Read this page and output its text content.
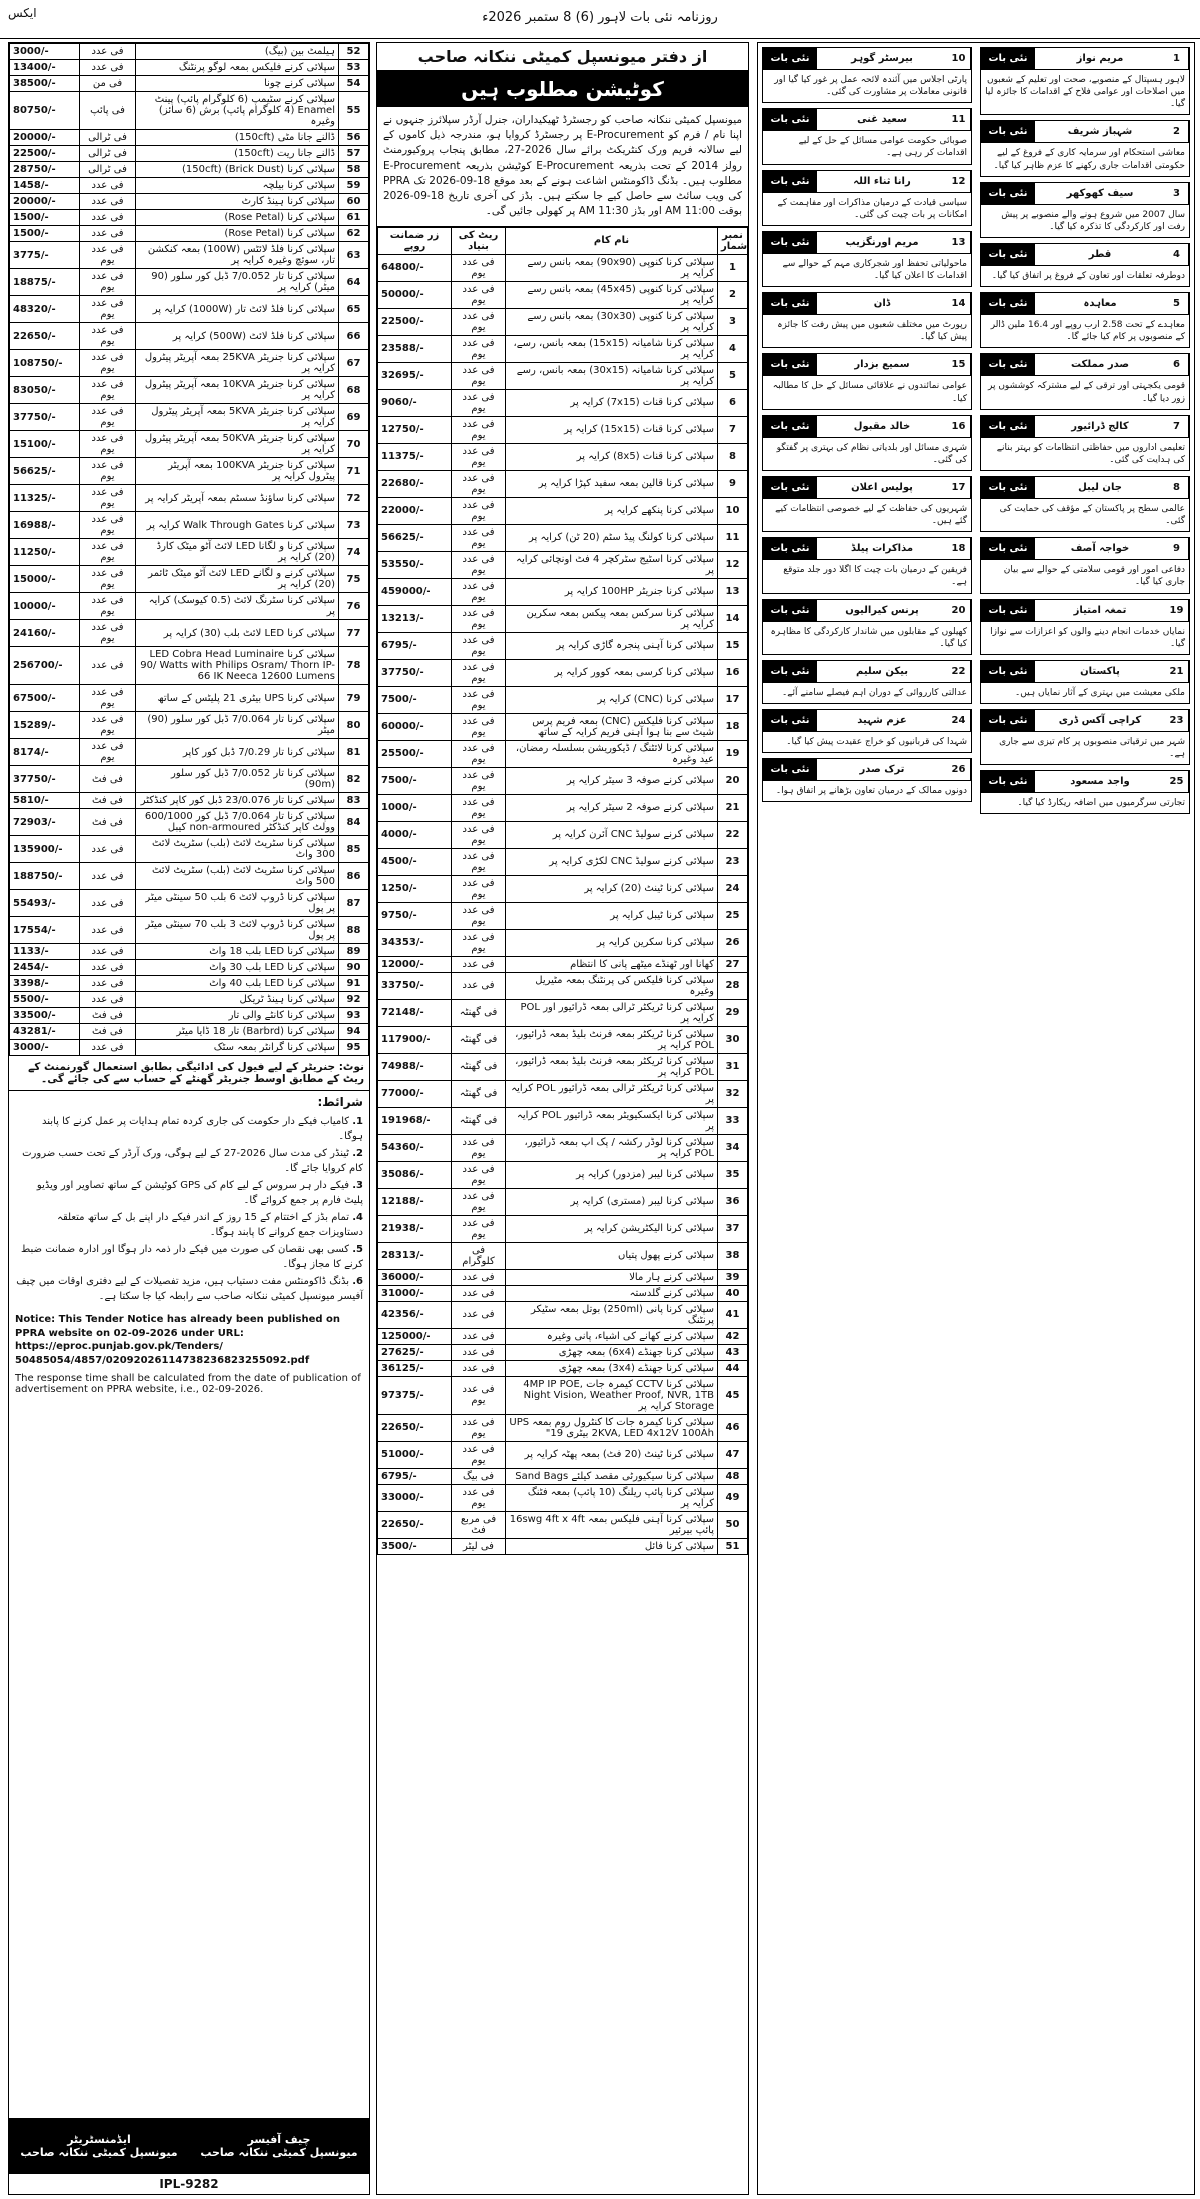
ایکس	روزنامہ نئی بات لاہور (6) 8 ستمبر 2026ء
نئی بات	بیرسٹر گوہر	10
پارٹی اجلاس میں آئندہ لائحہ عمل پر غور کیا گیا اور قانونی معاملات پر مشاورت کی گئی۔
نئی بات	سعید غنی	11
صوبائی حکومت عوامی مسائل کے حل کے لیے اقدامات کر رہی ہے۔
نئی بات	رانا ثناء اللہ	12
سیاسی قیادت کے درمیان مذاکرات اور مفاہمت کے امکانات پر بات چیت کی گئی۔
نئی بات	مریم اورنگزیب	13
ماحولیاتی تحفظ اور شجرکاری مہم کے حوالے سے اقدامات کا اعلان کیا گیا۔
نئی بات	ڈان	14
رپورٹ میں مختلف شعبوں میں پیش رفت کا جائزہ پیش کیا گیا۔
نئی بات	سمیع بزدار	15
عوامی نمائندوں نے علاقائی مسائل کے حل کا مطالبہ کیا۔
نئی بات	خالد مقبول	16
شہری مسائل اور بلدیاتی نظام کی بہتری پر گفتگو کی گئی۔
نئی بات	پولیس اعلان	17
شہریوں کی حفاظت کے لیے خصوصی انتظامات کیے گئے ہیں۔
نئی بات	مذاکرات پیلڈ	18
فریقین کے درمیان بات چیت کا اگلا دور جلد متوقع ہے۔
نئی بات	پرنس کیرالیوں	20
کھیلوں کے مقابلوں میں شاندار کارکردگی کا مظاہرہ کیا گیا۔
نئی بات	بیکن سلیم	22
عدالتی کارروائی کے دوران اہم فیصلے سامنے آئے۔
نئی بات	عزم شہید	24
شہدا کی قربانیوں کو خراج عقیدت پیش کیا گیا۔
نئی بات	ترک صدر	26
دونوں ممالک کے درمیان تعاون بڑھانے پر اتفاق ہوا۔
نئی بات	مریم نواز	1
لاہور ہسپتال کے منصوبے، صحت اور تعلیم کے شعبوں میں اصلاحات اور عوامی فلاح کے اقدامات کا جائزہ لیا گیا۔
نئی بات	شہباز شریف	2
معاشی استحکام اور سرمایہ کاری کے فروغ کے لیے حکومتی اقدامات جاری رکھنے کا عزم ظاہر کیا گیا۔
نئی بات	سیف کھوکھر	3
سال 2007 میں شروع ہونے والے منصوبے پر پیش رفت اور کارکردگی کا تذکرہ کیا گیا۔
نئی بات	قطر	4
دوطرفہ تعلقات اور تعاون کے فروغ پر اتفاق کیا گیا۔
نئی بات	معاہدہ	5
معاہدے کے تحت 2.58 ارب روپے اور 16.4 ملین ڈالر کے منصوبوں پر کام کیا جائے گا۔
نئی بات	صدر مملکت	6
قومی یکجہتی اور ترقی کے لیے مشترکہ کوششوں پر زور دیا گیا۔
نئی بات	کالج ڈرائیور	7
تعلیمی اداروں میں حفاظتی انتظامات کو بہتر بنانے کی ہدایت کی گئی۔
نئی بات	جان لیبل	8
عالمی سطح پر پاکستان کے مؤقف کی حمایت کی گئی۔
نئی بات	خواجہ آصف	9
دفاعی امور اور قومی سلامتی کے حوالے سے بیان جاری کیا گیا۔
نئی بات	تمغہ امتیاز	19
نمایاں خدمات انجام دینے والوں کو اعزازات سے نوازا گیا۔
نئی بات	پاکستان	21
ملکی معیشت میں بہتری کے آثار نمایاں ہیں۔
نئی بات	کراچی آکس ڈری	23
شہر میں ترقیاتی منصوبوں پر کام تیزی سے جاری ہے۔
نئی بات	واجد مسعود	25
تجارتی سرگرمیوں میں اضافہ ریکارڈ کیا گیا۔
از دفتر میونسپل کمیٹی ننکانہ صاحب
کوٹیشن مطلوب ہیں
میونسپل کمیٹی ننکانہ صاحب کو رجسٹرڈ ٹھیکیداران، جنرل آرڈر سپلائرز جنہوں نے اپنا نام / فرم کو E-Procurement پر رجسٹرڈ کروایا ہو، مندرجہ ذیل کاموں کے لیے سالانہ فریم ورک کنٹریکٹ برائے سال 2026-27، مطابق پنجاب پروکیورمنٹ رولز 2014 کے تحت بذریعہ E-Procurement کوٹیشن بذریعہ E-Procurement مطلوب ہیں۔ بڈنگ ڈاکومنٹس اشاعت ہونے کے بعد موقع 18-09-2026 تک PPRA کی ویب سائٹ سے حاصل کیے جا سکتے ہیں۔ بڈز کی آخری تاریخ 18-09-2026 بوقت 11:00 AM اور بڈز 11:30 AM پر کھولی جائیں گی۔
زر ضمانت روپے	ریٹ کی بنیاد	نام کام	نمبر شمار
64800/-	فی عدد یوم	سپلائی کرنا کنوپی (90x90) بمعہ بانس رسے کرایہ پر	1
50000/-	فی عدد یوم	سپلائی کرنا کنوپی (45x45) بمعہ بانس رسے کرایہ پر	2
22500/-	فی عدد یوم	سپلائی کرنا کنوپی (30x30) بمعہ بانس رسے کرایہ پر	3
23588/-	فی عدد یوم	سپلائی کرنا شامیانہ (15x15) بمعہ بانس، رسے، کرایہ پر	4
32695/-	فی عدد یوم	سپلائی کرنا شامیانہ (30x15) بمعہ بانس، رسے کرایہ پر	5
9060/-	فی عدد یوم	سپلائی کرنا قنات (7x15) کرایہ پر	6
12750/-	فی عدد یوم	سپلائی کرنا قنات (15x15) کرایہ پر	7
11375/-	فی عدد یوم	سپلائی کرنا قنات (8x5) کرایہ پر	8
22680/-	فی عدد یوم	سپلائی کرنا قالین بمعہ سفید کپڑا کرایہ پر	9
22000/-	فی عدد یوم	سپلائی کرنا پنکھے کرایہ پر	10
56625/-	فی عدد یوم	سپلائی کرنا کولنگ پیڈ سٹم (20 ٹن) کرایہ پر	11
53550/-	فی عدد یوم	سپلائی کرنا اسٹیج سٹرکچر 4 فٹ اونچائی کرایہ پر	12
459000/-	فی عدد یوم	سپلائی کرنا جنریٹر 100HP کرایہ پر	13
13213/-	فی عدد یوم	سپلائی کرنا سرکس بمعہ پیکس بمعہ سکرین کرایہ پر	14
6795/-	فی عدد یوم	سپلائی کرنا آہنی پنجرہ گاڑی کرایہ پر	15
37750/-	فی عدد یوم	سپلائی کرنا کرسی بمعہ کوور کرایہ پر	16
7500/-	فی عدد یوم	سپلائی کرنا (CNC) کرایہ پر	17
60000/-	فی عدد یوم	سپلائی کرنا فلیکس (CNC) بمعہ فریم پرس شیٹ سے بنا ہوا آہنی فریم کرایہ کے ساتھ	18
25500/-	فی عدد یوم	سپلائی کرنا لائٹنگ / ڈیکوریشن بسلسلہ رمضان، عید وغیرہ	19
7500/-	فی عدد یوم	سپلائی کرنے صوفہ 3 سیٹر کرایہ پر	20
1000/-	فی عدد یوم	سپلائی کرنے صوفہ 2 سیٹر کرایہ پر	21
4000/-	فی عدد یوم	سپلائی کرنے سولیڈ CNC آئرن کرایہ پر	22
4500/-	فی عدد یوم	سپلائی کرنے سولیڈ CNC لکڑی کرایہ پر	23
1250/-	فی عدد یوم	سپلائی کرنا ٹینٹ (20) کرایہ پر	24
9750/-	فی عدد یوم	سپلائی کرنا ٹیبل کرایہ پر	25
34353/-	فی عدد یوم	سپلائی کرنا سکرین کرایہ پر	26
12000/-	فی عدد	کھانا اور ٹھنڈے میٹھے پانی کا انتظام	27
33750/-	فی عدد	سپلائی کرنا فلیکس کی پرنٹنگ بمعہ مٹیریل وغیرہ	28
72148/-	فی گھنٹہ	سپلائی کرنا ٹریکٹر ٹرالی بمعہ ڈرائیور اور POL کرایہ پر	29
117900/-	فی گھنٹہ	سپلائی کرنا ٹریکٹر بمعہ فرنٹ بلیڈ بمعہ ڈرائیور، POL کرایہ پر	30
74988/-	فی گھنٹہ	سپلائی کرنا ٹریکٹر بمعہ فرنٹ بلیڈ بمعہ ڈرائیور، POL کرایہ پر	31
77000/-	فی گھنٹہ	سپلائی کرنا ٹریکٹر ٹرالی بمعہ ڈرائیور POL کرایہ پر	32
191968/-	فی گھنٹہ	سپلائی کرنا ایکسکیویٹر بمعہ ڈرائیور POL کرایہ پر	33
54360/-	فی عدد یوم	سپلائی کرنا لوڈر رکشہ / پک اپ بمعہ ڈرائیور، POL کرایہ پر	34
35086/-	فی عدد یوم	سپلائی کرنا لیبر (مزدور) کرایہ پر	35
12188/-	فی عدد یوم	سپلائی کرنا لیبر (مستری) کرایہ پر	36
21938/-	فی عدد یوم	سپلائی کرنا الیکٹریشن کرایہ پر	37
28313/-	فی کلوگرام	سپلائی کرنے پھول پتیاں	38
36000/-	فی عدد	سپلائی کرنے ہار مالا	39
31000/-	فی عدد	سپلائی کرنے گلدستہ	40
42356/-	فی عدد	سپلائی کرنا پانی (250ml) بوتل بمعہ سٹیکر پرنٹنگ	41
125000/-	فی عدد	سپلائی کرنے کھانے کی اشیاء، پانی وغیرہ	42
27625/-	فی عدد	سپلائی کرنا جھنڈے (6x4) بمعہ چھڑی	43
36125/-	فی عدد	سپلائی کرنا جھنڈے (3x4) بمعہ چھڑی	44
97375/-	فی عدد یوم	سپلائی کرنا CCTV کیمرہ جات 4MP IP POE, Night Vision, Weather Proof, NVR, 1TB Storage کرایہ پر	45
22650/-	فی عدد یوم	سپلائی کرنا کیمرہ جات کا کنٹرول روم بمعہ UPS 2KVA, LED 4x12V 100Ah بیٹری 19"	46
51000/-	فی عدد یوم	سپلائی کرنا ٹینٹ (20 فٹ) بمعہ پھٹہ کرایہ پر	47
6795/-	فی بیگ	سپلائی کرنا سیکیورٹی مقصد کیلئے Sand Bags	48
33000/-	فی عدد یوم	سپلائی کرنا پائپ ریلنگ (10 پائپ) بمعہ فٹنگ کرایہ پر	49
22650/-	فی مربع فٹ	سپلائی کرنا آہنی فلیکس بمعہ 16swg 4ft x 4ft پائپ بیرئیر	50
3500/-	فی لیٹر	سپلائی کرنا فائل	51
3000/-	فی عدد	ہیلمٹ بین (بیگ)	52
13400/-	فی عدد	سپلائی کرنے فلیکس بمعہ لوگو پرنٹنگ	53
38500/-	فی من	سپلائی کرنے چونا	54
80750/-	فی پائپ	سپلائی کرنے سٹیمپ (6 کلوگرام پائپ) پینٹ Enamel (4 کلوگرام پائپ) برش (6 سائز) وغیرہ	55
20000/-	فی ٹرالی	ڈالنے جانا مٹی (150cft)	56
22500/-	فی ٹرالی	ڈالنے جانا ریت (150cft)	57
28750/-	فی ٹرالی	سپلائی کرنا (Brick Dust) (150cft)	58
1458/-	فی عدد	سپلائی کرنا بیلچہ	59
20000/-	فی عدد	سپلائی کرنا ہینڈ کارٹ	60
1500/-	فی عدد	سپلائی کرنا (Rose Petal)	61
1500/-	فی عدد	سپلائی کرنا (Rose Petal)	62
3775/-	فی عدد یوم	سپلائی کرنا فلڈ لائٹس (100W) بمعہ کنکشن تار، سوئچ وغیرہ کرایہ پر	63
18875/-	فی عدد یوم	سپلائی کرنا تار 7/0.052 ڈبل کور سلور (90 میٹر) کرایہ پر	64
48320/-	فی عدد یوم	سپلائی کرنا فلڈ لائٹ تار (1000W) کرایہ پر	65
22650/-	فی عدد یوم	سپلائی کرنا فلڈ لائٹ (500W) کرایہ پر	66
108750/-	فی عدد یوم	سپلائی کرنا جنریٹر 25KVA بمعہ آپریٹر پیٹرول کرایہ پر	67
83050/-	فی عدد یوم	سپلائی کرنا جنریٹر 10KVA بمعہ آپریٹر پیٹرول کرایہ پر	68
37750/-	فی عدد یوم	سپلائی کرنا جنریٹر 5KVA بمعہ آپریٹر پیٹرول کرایہ پر	69
15100/-	فی عدد یوم	سپلائی کرنا جنریٹر 50KVA بمعہ آپریٹر پیٹرول کرایہ پر	70
56625/-	فی عدد یوم	سپلائی کرنا جنریٹر 100KVA بمعہ آپریٹر پیٹرول کرایہ پر	71
11325/-	فی عدد یوم	سپلائی کرنا ساؤنڈ سسٹم بمعہ آپریٹر کرایہ پر	72
16988/-	فی عدد یوم	سپلائی کرنا Walk Through Gates کرایہ پر	73
11250/-	فی عدد یوم	سپلائی کرنا و لگانا LED لائٹ آٹو میٹک کارڈ (20) کرایہ پر	74
15000/-	فی عدد یوم	سپلائی کرنے و لگانے LED لائٹ آٹو میٹک ٹائمر (20) کرایہ پر	75
10000/-	فی عدد یوم	سپلائی کرنا سٹرنگ لائٹ (0.5 کیوسک) کرایہ پر	76
24160/-	فی عدد یوم	سپلائی کرنا LED لائٹ بلب (30) کرایہ پر	77
256700/-	فی عدد	سپلائی کرنا LED Cobra Head Luminaire 90/ Watts with Philips Osram/ Thorn IP-66 IK Neeca 12600 Lumens	78
67500/-	فی عدد یوم	سپلائی کرنا UPS بیٹری 21 پلیٹس کے ساتھ	79
15289/-	فی عدد یوم	سپلائی کرنا تار 7/0.064 ڈبل کور سلور (90) میٹر	80
8174/-	فی عدد یوم	سپلائی کرنا تار 7/0.29 ڈبل کور کاپر	81
37750/-	فی فٹ	سپلائی کرنا تار 7/0.052 ڈبل کور سلور (90m)	82
5810/-	فی فٹ	سپلائی کرنا تار 23/0.076 ڈبل کور کاپر کنڈکٹر	83
72903/-	فی فٹ	سپلائی کرنا تار 7/0.064 ڈبل کور 600/1000 وولٹ کاپر کنڈکٹر non-armoured کیبل	84
135900/-	فی عدد	سپلائی کرنا سٹریٹ لائٹ (بلب) سٹریٹ لائٹ 300 واٹ	85
188750/-	فی عدد	سپلائی کرنا سٹریٹ لائٹ (بلب) سٹریٹ لائٹ 500 واٹ	86
55493/-	فی عدد	سپلائی کرنا ڈروپ لائٹ 6 بلب 50 سینٹی میٹر پر پول	87
17554/-	فی عدد	سپلائی کرنا ڈروپ لائٹ 3 بلب 70 سینٹی میٹر پر پول	88
1133/-	فی عدد	سپلائی کرنا LED بلب 18 واٹ	89
2454/-	فی عدد	سپلائی کرنا LED بلب 30 واٹ	90
3398/-	فی عدد	سپلائی کرنا LED بلب 40 واٹ	91
5500/-	فی عدد	سپلائی کرنا ہینڈ ٹریکل	92
33500/-	فی فٹ	سپلائی کرنا کانٹے والی تار	93
43281/-	فی فٹ	سپلائی کرنا (Barbrd) تار 18 ڈایا میٹر	94
3000/-	فی عدد	سپلائی کرنا گرانٹر بمعہ سٹک	95
نوٹ: جنریٹر کے لیے فیول کی ادائیگی بطابق استعمال گورنمنٹ کے ریٹ کے مطابق اوسط جنریٹر گھنٹے کے حساب سے کی جائے گی۔
شرائط:

1. کامیاب فیکے دار حکومت کی جاری کردہ تمام ہدایات پر عمل کرنے کا پابند ہوگا۔

2. ٹینڈر کی مدت سال 2026-27 کے لیے ہوگی، ورک آرڈر کے تحت حسب ضرورت کام کروایا جائے گا۔

3. فیکے دار ہر سروس کے لیے کام کی GPS کوٹیشن کے ساتھ تصاویر اور ویڈیو پلیٹ فارم پر جمع کروائے گا۔

4. تمام بڈز کے اختتام کے 15 روز کے اندر فیکے دار اپنے بل کے ساتھ متعلقہ دستاویزات جمع کروانے کا پابند ہوگا۔

5. کسی بھی نقصان کی صورت میں فیکے دار ذمہ دار ہوگا اور ادارہ ضمانت ضبط کرنے کا مجاز ہوگا۔

6. بڈنگ ڈاکومنٹس مفت دستیاب ہیں، مزید تفصیلات کے لیے دفتری اوقات میں چیف آفیسر میونسپل کمیٹی ننکانہ صاحب سے رابطہ کیا جا سکتا ہے۔

Notice: This Tender Notice has already been published on PPRA website on 02-09-2026 under URL: https://eproc.punjab.gov.pk/Tenders/ 50485054/4857/02092026114738236823255092.pdf
The response time shall be calculated from the date of publication of advertisement on PPRA website, i.e., 02-09-2026.
ایڈمنسٹریٹر
میونسپل کمیٹی ننکانہ صاحب
چیف آفیسر
میونسپل کمیٹی ننکانہ صاحب
IPL-9282
